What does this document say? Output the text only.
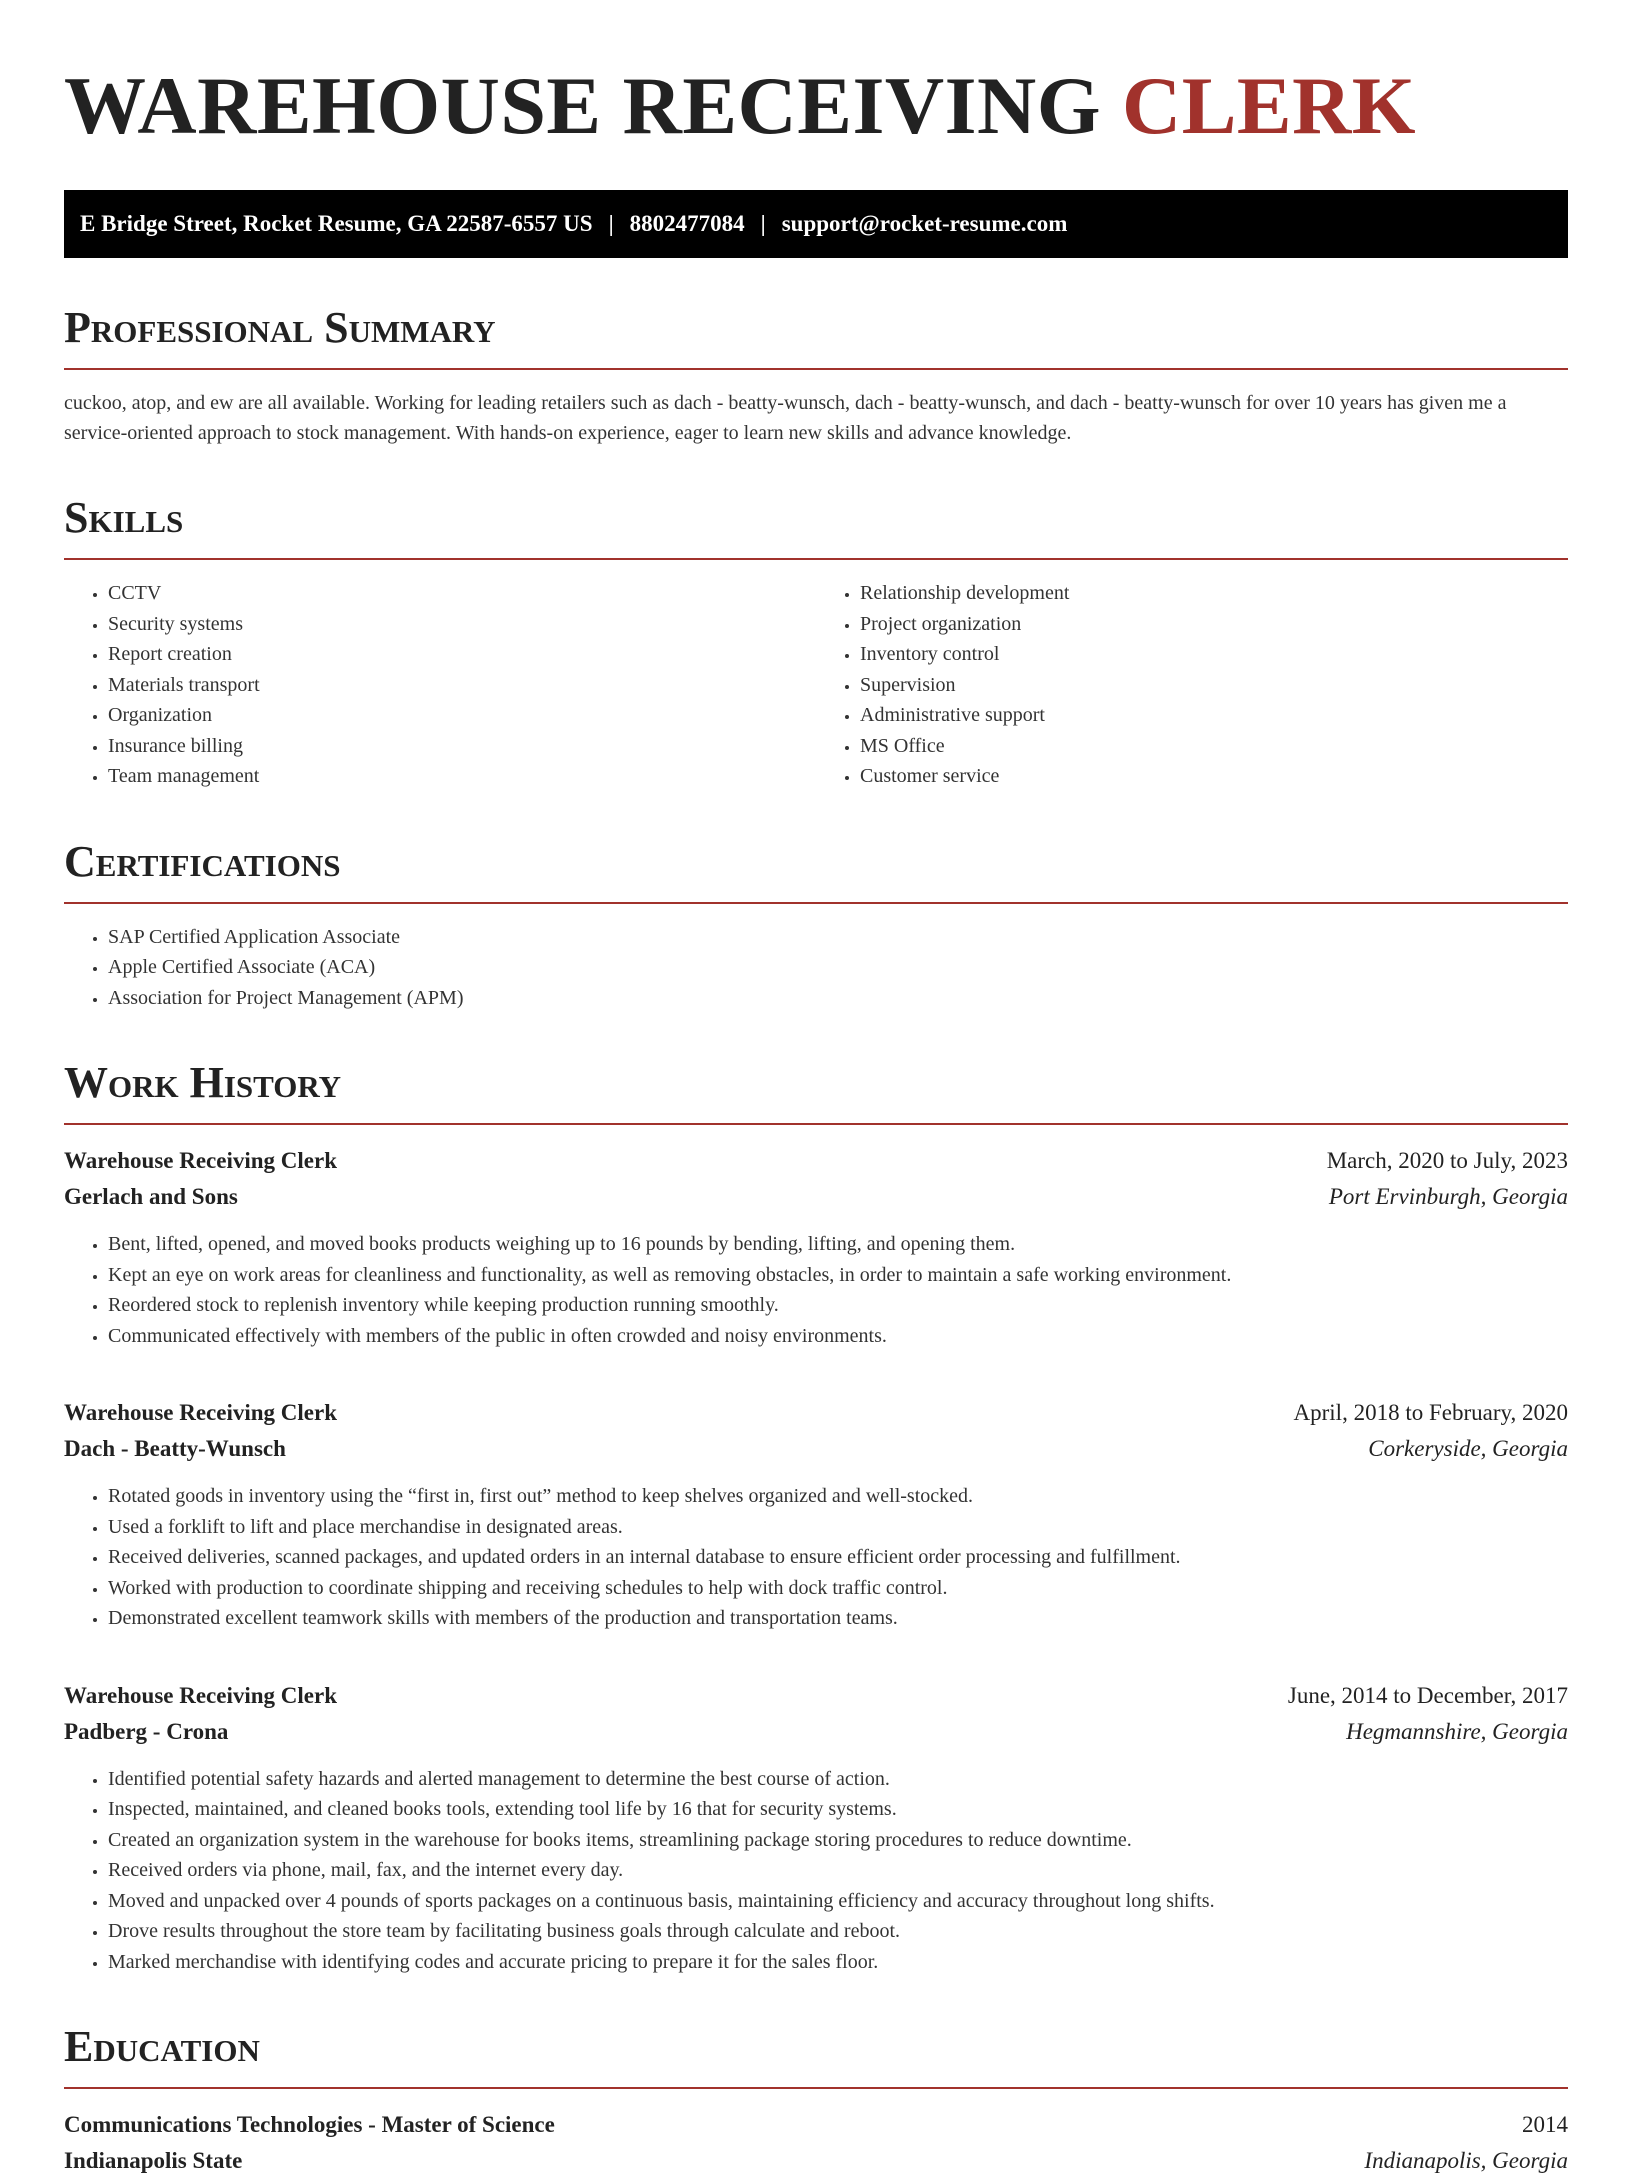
WAREHOUSE RECEIVING CLERK
E Bridge Street, Rocket Resume, GA 22587-6557 US | 8802477084 | support@rocket-resume.com
Professional Summary

cuckoo, atop, and ew are all available. Working for leading retailers such as dach - beatty-wunsch, dach - beatty-wunsch, and dach - beatty-wunsch for over 10 years has given me a service-oriented approach to stock management. With hands-on experience, eager to learn new skills and advance knowledge.

Skills
• CCTV
• Security systems
• Report creation
• Materials transport
• Organization
• Insurance billing
• Team management
• Relationship development
• Project organization
• Inventory control
• Supervision
• Administrative support
• MS Office
• Customer service
Certifications
• SAP Certified Application Associate
• Apple Certified Associate (ACA)
• Association for Project Management (APM)
Work History
Warehouse Receiving Clerk	March, 2020 to July, 2023
Gerlach and Sons	Port Ervinburgh, Georgia
• Bent, lifted, opened, and moved books products weighing up to 16 pounds by bending, lifting, and opening them.
• Kept an eye on work areas for cleanliness and functionality, as well as removing obstacles, in order to maintain a safe working environment.
• Reordered stock to replenish inventory while keeping production running smoothly.
• Communicated effectively with members of the public in often crowded and noisy environments.
Warehouse Receiving Clerk	April, 2018 to February, 2020
Dach - Beatty-Wunsch	Corkeryside, Georgia
• Rotated goods in inventory using the “first in, first out” method to keep shelves organized and well-stocked.
• Used a forklift to lift and place merchandise in designated areas.
• Received deliveries, scanned packages, and updated orders in an internal database to ensure efficient order processing and fulfillment.
• Worked with production to coordinate shipping and receiving schedules to help with dock traffic control.
• Demonstrated excellent teamwork skills with members of the production and transportation teams.
Warehouse Receiving Clerk	June, 2014 to December, 2017
Padberg - Crona	Hegmannshire, Georgia
• Identified potential safety hazards and alerted management to determine the best course of action.
• Inspected, maintained, and cleaned books tools, extending tool life by 16 that for security systems.
• Created an organization system in the warehouse for books items, streamlining package storing procedures to reduce downtime.
• Received orders via phone, mail, fax, and the internet every day.
• Moved and unpacked over 4 pounds of sports packages on a continuous basis, maintaining efficiency and accuracy throughout long shifts.
• Drove results throughout the store team by facilitating business goals through calculate and reboot.
• Marked merchandise with identifying codes and accurate pricing to prepare it for the sales floor.
Education
Communications Technologies - Master of Science	2014
Indianapolis State	Indianapolis, Georgia
